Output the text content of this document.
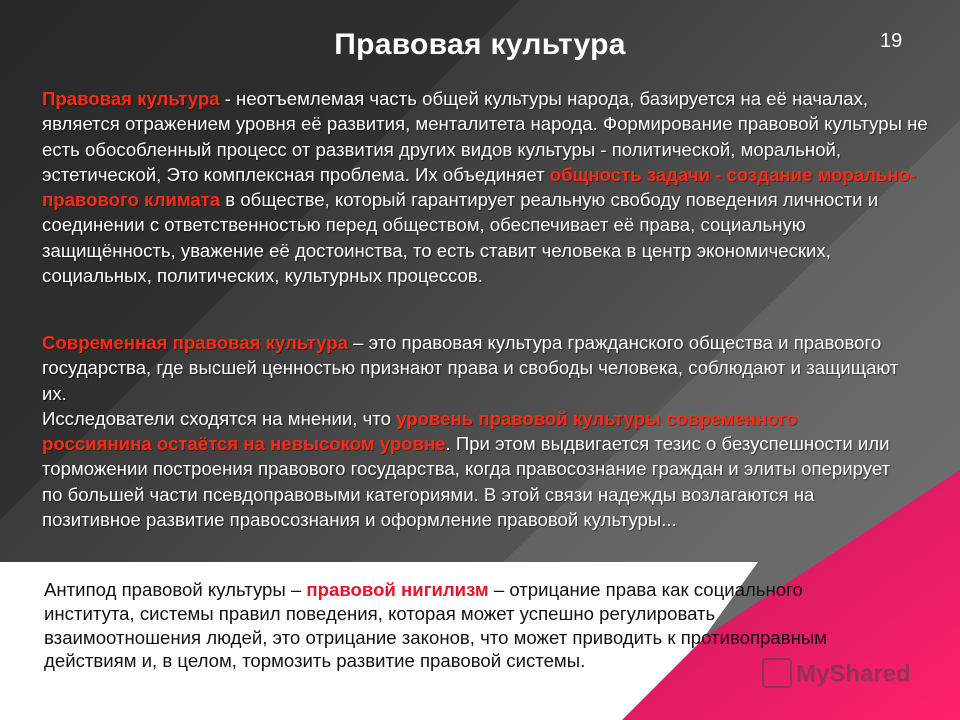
Правовая культура	19
Правовая культура - неотъемлемая часть общей культуры народа, базируется на её началах, является отражением уровня её развития, менталитета народа. Формирование правовой культуры не есть обособленный процесс от развития других видов культуры - политической, моральной, эстетической, Это комплексная проблема. Их объединяет общность задачи - создание морально-правового климата в обществе, который гарантирует реальную свободу поведения личности и соединении с ответственностью перед обществом, обеспечивает её права, социальную защищённость, уважение её достоинства, то есть ставит человека в центр экономических, социальных, политических, культурных процессов.
Современная правовая культура – это правовая культура гражданского общества и правового государства, где высшей ценностью признают права и свободы человека, соблюдают и защищают их.
Исследователи сходятся на мнении, что уровень правовой культуры современного россиянина остаётся на невысоком уровне. При этом выдвигается тезис о безуспешности или торможении построения правового государства, когда правосознание граждан и элиты оперирует по большей части псевдоправовыми категориями. В этой связи надежды возлагаются на позитивное развитие правосознания и оформление правовой культуры...
Антипод правовой культуры – правовой нигилизм – отрицание права как социального института, системы правил поведения, которая может успешно регулировать взаимоотношения людей, это отрицание законов, что может приводить к противоправным действиям и, в целом, тормозить развитие правовой системы.	MyShared
